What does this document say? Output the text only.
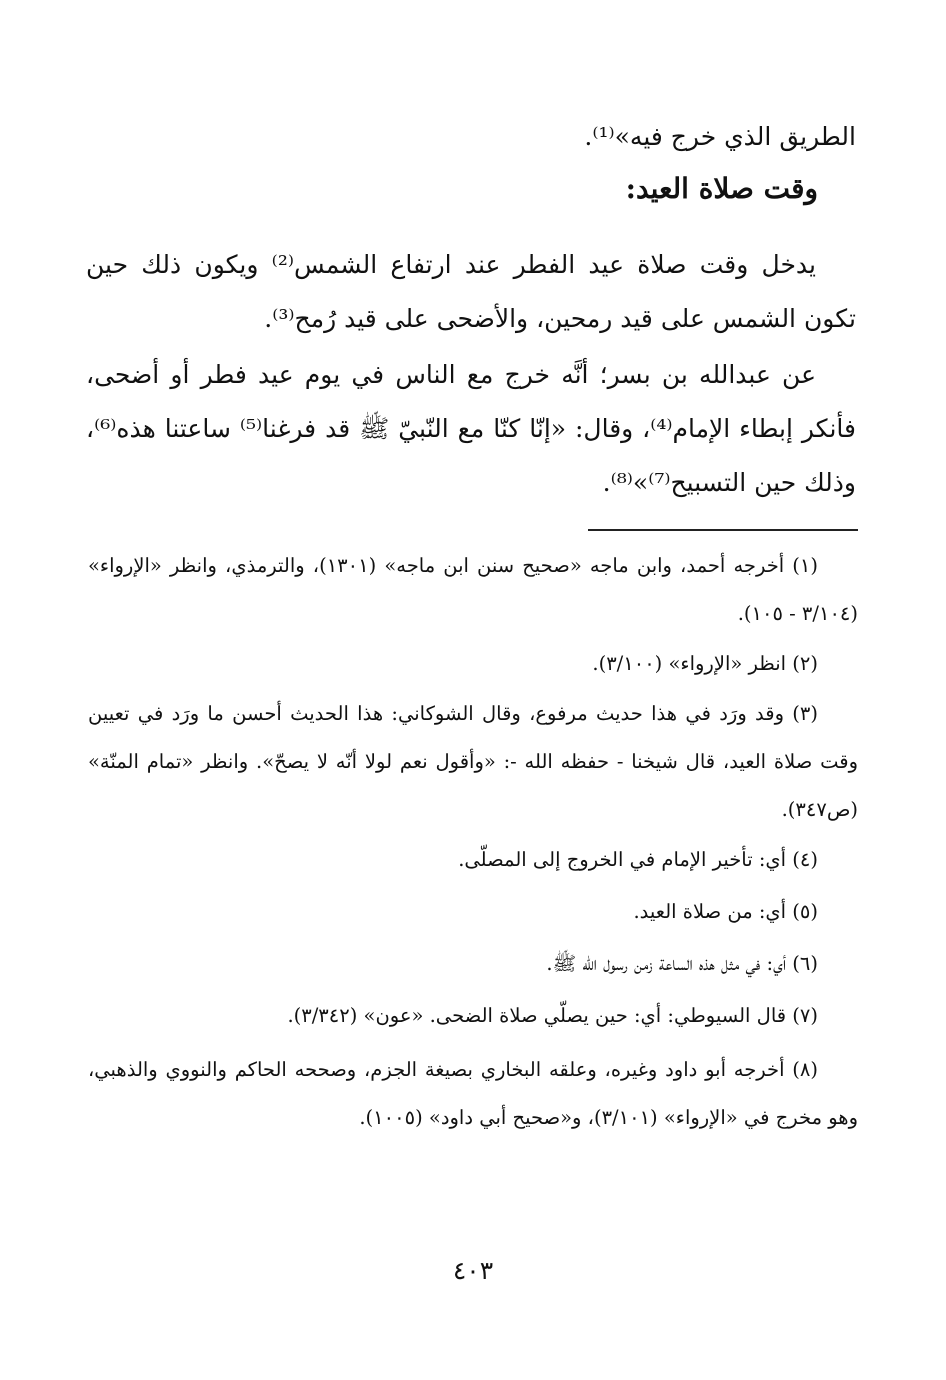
الطريق الذي خرج فيه»⁽¹⁾.
وقت صلاة العيد:
يدخل وقت صلاة عيد الفطر عند ارتفاع الشمس⁽²⁾ ويكون ذلك حين تكون الشمس على قيد رمحين، والأضحى على قيد رُمح⁽³⁾.
عن عبدالله بن بسر؛ أنَّه خرج مع الناس في يوم عيد فطر أو أضحى، فأنكر إبطاء الإمام⁽⁴⁾، وقال: «إنّا كنّا مع النّبيّ ﷺ قد فرغنا⁽⁵⁾ ساعتنا هذه⁽⁶⁾، وذلك حين التسبيح⁽⁷⁾»⁽⁸⁾.
(١) أخرجه أحمد، وابن ماجه «صحيح سنن ابن ماجه» (١٣٠١)، والترمذي، وانظر «الإرواء» (٣/١٠٤ - ١٠٥).
(٢) انظر «الإرواء» (٣/١٠٠).
(٣) وقد ورَد في هذا حديث مرفوع، وقال الشوكاني: هذا الحديث أحسن ما ورَد في تعيين وقت صلاة العيد، قال شيخنا - حفظه الله -: «وأقول نعم لولا أنّه لا يصحّ». وانظر «تمام المنّة» (ص٣٤٧).
(٤) أي: تأخير الإمام في الخروج إلى المصلّى.
(٥) أي: من صلاة العيد.
(٦) أي: في مثل هذه الساعة زمن رسول الله ﷺ.
(٧) قال السيوطي: أي: حين يصلّي صلاة الضحى. «عون» (٣/٣٤٢).
(٨) أخرجه أبو داود وغيره، وعلقه البخاري بصيغة الجزم، وصححه الحاكم والنووي والذهبي، وهو مخرج في «الإرواء» (٣/١٠١)، و«صحيح أبي داود» (١٠٠٥).
٤٠٣
